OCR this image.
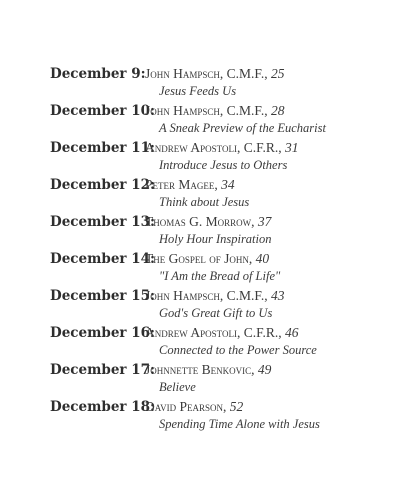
December 9: John Hampsch, C.M.F., 25
Jesus Feeds Us
December 10:
John Hampsch, C.M.F., 28
A Sneak Preview of the Eucharist
December 11:
Andrew Apostoli, C.F.R., 31
Introduce Jesus to Others
December 12:
Peter Magee, 34
Think about Jesus
December 13:
Thomas G. Morrow, 37
Holy Hour Inspiration
December 14:
The Gospel of John, 40
"I Am the Bread of Life"
December 15:
John Hampsch, C.M.F., 43
God's Great Gift to Us
December 16:
Andrew Apostoli, C.F.R., 46
Connected to the Power Source
December 17:
Johnnette Benkovic, 49
Believe
December 18:
David Pearson, 52
Spending Time Alone with Jesus
